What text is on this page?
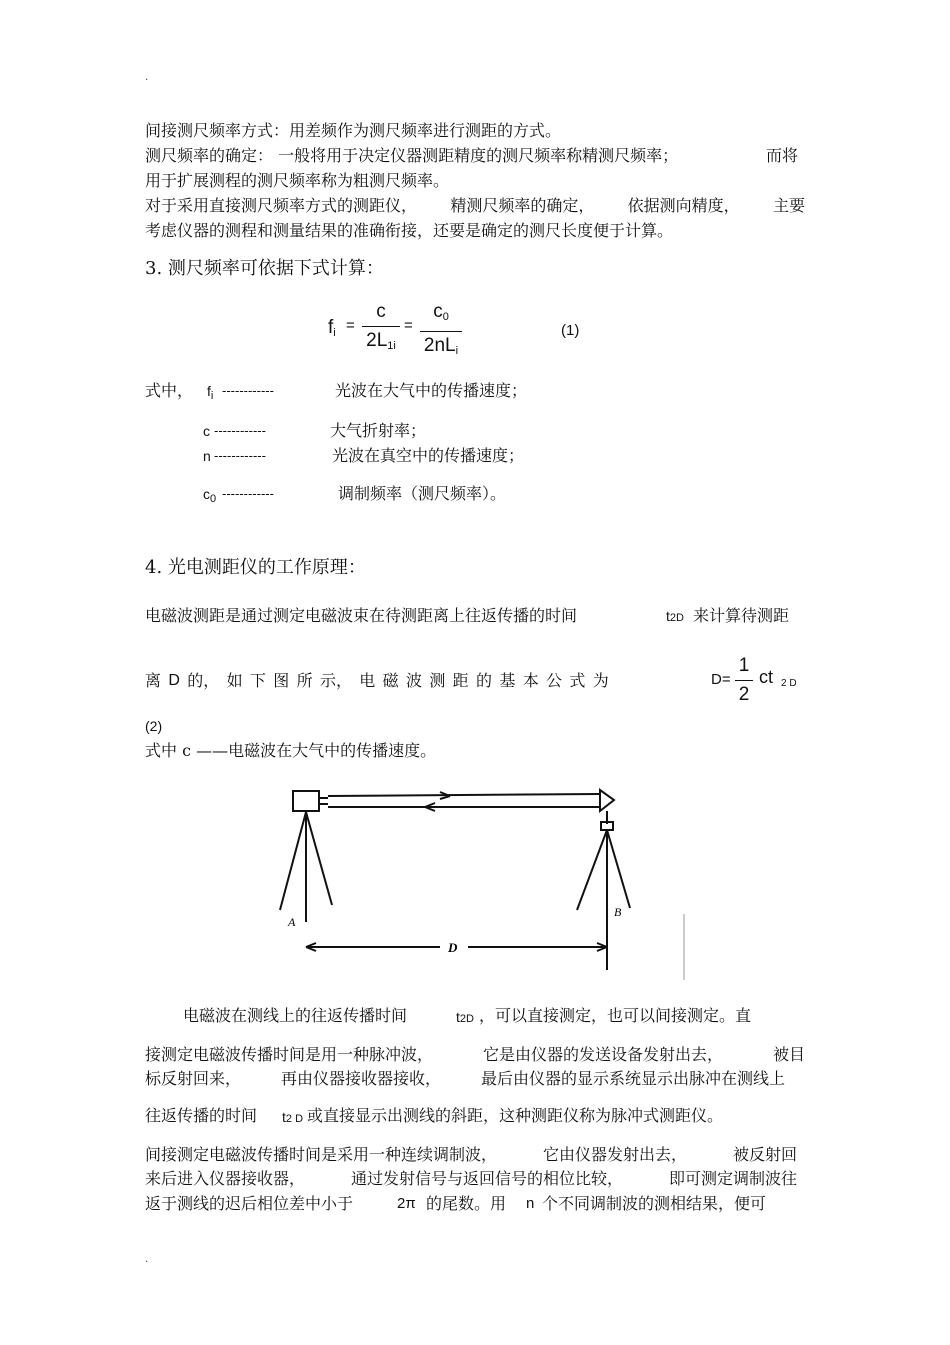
.
.
间接测尺频率方式：用差频作为测尺频率进行测距的方式。
测尺频率的确定： 一般将用于决定仪器测距精度的测尺频率称精测尺频率；	而将
用于扩展测程的测尺频率称为粗测尺频率。
对于采用直接测尺频率方式的测距仪， 精测尺频率的确定， 依据测向精度， 主要
考虑仪器的测程和测量结果的准确衔接，还要是确定的测尺长度便于计算。
3. 测尺频率可依据下式计算：
$f_i$ =
c
$2L_{1i}$
=
$c_0$
$2nL_i$
(1)
式中， $f_i$ ------------	光波在大气中的传播速度；
c ------------	大气折射率；
n ------------	光波在真空中的传播速度；
$c_0$ ------------	调制频率（测尺频率）。
4. 光电测距仪的工作原理：
电磁波测距是通过测定电磁波束在待测距离上往返传播的时间	t2D 来计算待测距
离 D 的， 如 下 图 所 示， 电 磁 波 测 距 的 基 本 公 式 为	D=
1
2
ct 2 D
(2)
式中 c ——电磁波在大气中的传播速度。
A
B
D
电磁波在测线上的往返传播时间	t2D ，可以直接测定，也可以间接测定。直
接测定电磁波传播时间是用一种脉冲波，	它是由仪器的发送设备发射出去，	被目
标反射回来， 再由仪器接收器接收， 最后由仪器的显示系统显示出脉冲在测线上
往返传播的时间 t2 D 或直接显示出测线的斜距，这种测距仪称为脉冲式测距仪。
间接测定电磁波传播时间是采用一种连续调制波，	它由仪器发射出去，	被反射回
来后进入仪器接收器，	通过发射信号与返回信号的相位比较，	即可测定调制波往
返于测线的迟后相位差中小于	2π 的尾数。用 n 个不同调制波的测相结果，便可
